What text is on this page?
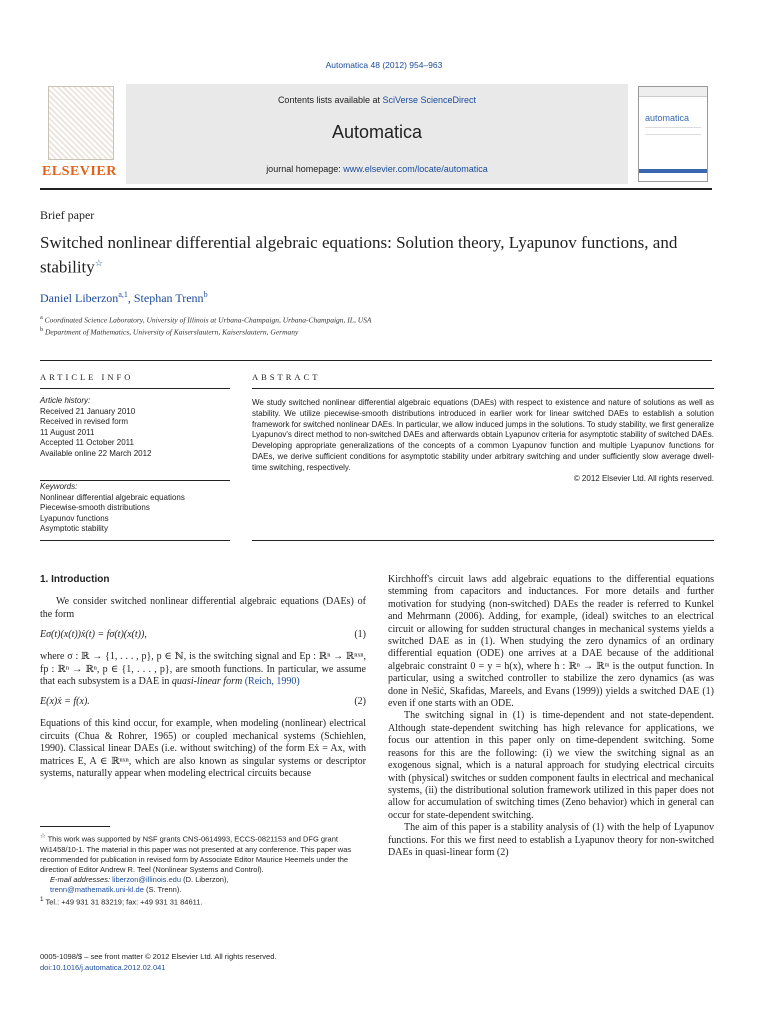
Automatica 48 (2012) 954–963
ELSEVIER
Contents lists available at SciVerse ScienceDirect
Automatica
journal homepage: www.elsevier.com/locate/automatica
automatica
Brief paper
Switched nonlinear differential algebraic equations: Solution theory, Lyapunov functions, and stability☆
Daniel Liberzon$^{a,1}$, Stephan Trenn$^b$
$^a$ Coordinated Science Laboratory, University of Illinois at Urbana-Champaign, Urbana-Champaign, IL, USA
$^b$ Department of Mathematics, University of Kaiserslautern, Kaiserslautern, Germany
ARTICLE INFO	ABSTRACT
Article history:
Received 21 January 2010
Received in revised form
11 August 2011
Accepted 11 October 2011
Available online 22 March 2012
Keywords:
Nonlinear differential algebraic equations
Piecewise-smooth distributions
Lyapunov functions
Asymptotic stability

We study switched nonlinear differential algebraic equations (DAEs) with respect to existence and nature of solutions as well as stability. We utilize piecewise-smooth distributions introduced in earlier work for linear switched DAEs to establish a solution framework for switched nonlinear DAEs. In particular, we allow induced jumps in the solutions. To study stability, we first generalize Lyapunov's direct method to non-switched DAEs and afterwards obtain Lyapunov criteria for asymptotic stability of switched DAEs. Developing appropriate generalizations of the concepts of a common Lyapunov function and multiple Lyapunov functions for DAEs, we derive sufficient conditions for asymptotic stability under arbitrary switching and under sufficiently slow average dwell-time switching, respectively.

© 2012 Elsevier Ltd. All rights reserved.

1. Introduction

We consider switched nonlinear differential algebraic equations (DAEs) of the form

Eσ(t)(x(t))ẋ(t) = fσ(t)(x(t)),	(1)

where σ : ℝ → {1, . . . , p}, p ∈ ℕ, is the switching signal and Ep : ℝⁿ → ℝⁿˣⁿ, fp : ℝⁿ → ℝⁿ, p ∈ {1, . . . , p}, are smooth functions. In particular, we assume that each subsystem is a DAE in quasi-linear form (Reich, 1990)

E(x)ẋ = f(x).	(2)

Equations of this kind occur, for example, when modeling (nonlinear) electrical circuits (Chua & Rohrer, 1965) or coupled mechanical systems (Schiehlen, 1990). Classical linear DAEs (i.e. without switching) of the form Eẋ = Ax, with matrices E, A ∈ ℝⁿˣⁿ, which are also known as singular systems or descriptor systems, naturally appear when modeling electrical circuits because

Kirchhoff's circuit laws add algebraic equations to the differential equations stemming from capacitors and inductances. For more details and further motivation for studying (non-switched) DAEs the reader is referred to Kunkel and Mehrmann (2006). Adding, for example, (ideal) switches to an electrical circuit or allowing for sudden structural changes in mechanical systems yields a switched DAE as in (1). When studying the zero dynamics of an ordinary differential equation (ODE) one arrives at a DAE because of the additional algebraic constraint 0 = y = h(x), where h : ℝⁿ → ℝᵐ is the output function. In particular, using a switched controller to stabilize the zero dynamics (as was done in Nešić, Skafidas, Mareels, and Evans (1999)) yields a switched DAE (1) even if one starts with an ODE.

The switching signal in (1) is time-dependent and not state-dependent. Although state-dependent switching has high relevance for applications, we focus our attention in this paper only on time-dependent switching. Some reasons for this are the following: (i) we view the switching signal as an exogenous signal, which is a natural approach for studying electrical circuits with (physical) switches or sudden component faults in electrical and mechanical systems, (ii) the distributional solution framework utilized in this paper does not allow for accumulation of switching times (Zeno behavior) which in general can occur for state-dependent switching.

The aim of this paper is a stability analysis of (1) with the help of Lyapunov functions. For this we first need to establish a Lyapunov theory for non-switched DAEs in quasi-linear form (2)

☆ This work was supported by NSF grants CNS-0614993, ECCS-0821153 and DFG grant Wi1458/10-1. The material in this paper was not presented at any conference. This paper was recommended for publication in revised form by Associate Editor Maurice Heemels under the direction of Editor Andrew R. Teel (Nonlinear Systems and Control).

E-mail addresses: liberzon@illinois.edu (D. Liberzon),
trenn@mathematik.uni-kl.de (S. Trenn).

$^1$ Tel.: +49 931 31 83219; fax: +49 931 31 84611.

0005-1098/$ – see front matter © 2012 Elsevier Ltd. All rights reserved.
doi:10.1016/j.automatica.2012.02.041
